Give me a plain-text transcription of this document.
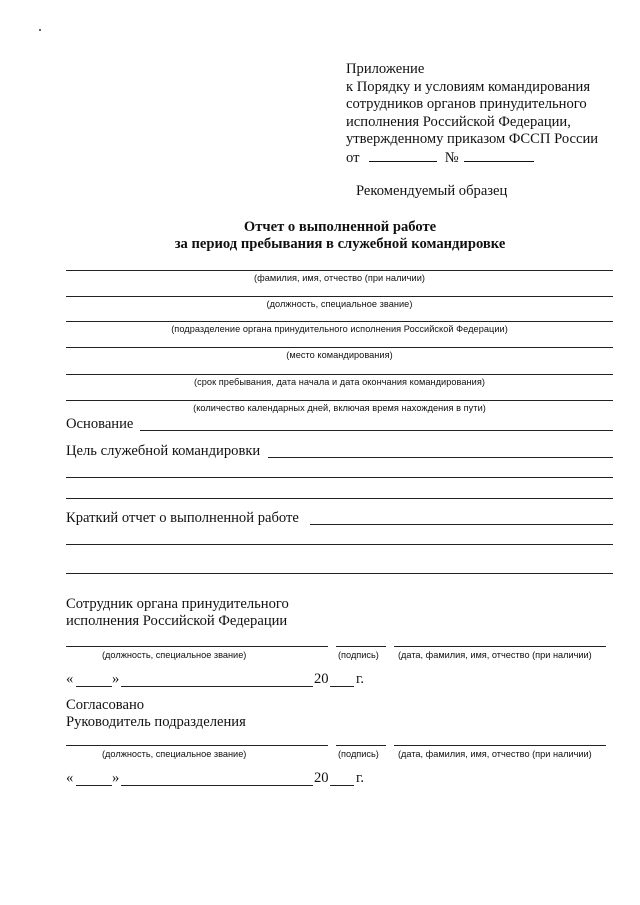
Приложение
к Порядку и условиям командирования
сотрудников органов принудительного
исполнения Российской Федерации,
утвержденному приказом ФССП России
от	№
Рекомендуемый образец
Отчет о выполненной работе
за период пребывания в служебной командировке
(фамилия, имя, отчество (при наличии)
(должность, специальное звание)
(подразделение органа принудительного исполнения Российской Федерации)
(место командирования)
(срок пребывания, дата начала и дата окончания командирования)
(количество календарных дней, включая время нахождения в пути)
Основание
Цель служебной командировки
Краткий отчет о выполненной работе
Сотрудник органа принудительного
исполнения Российской Федерации
(должность, специальное звание)	(подпись) (дата, фамилия, имя, отчество (при наличии)
«	»	20 г.
Согласовано
Руководитель подразделения
(должность, специальное звание)	(подпись) (дата, фамилия, имя, отчество (при наличии)
«	»	20 г.
